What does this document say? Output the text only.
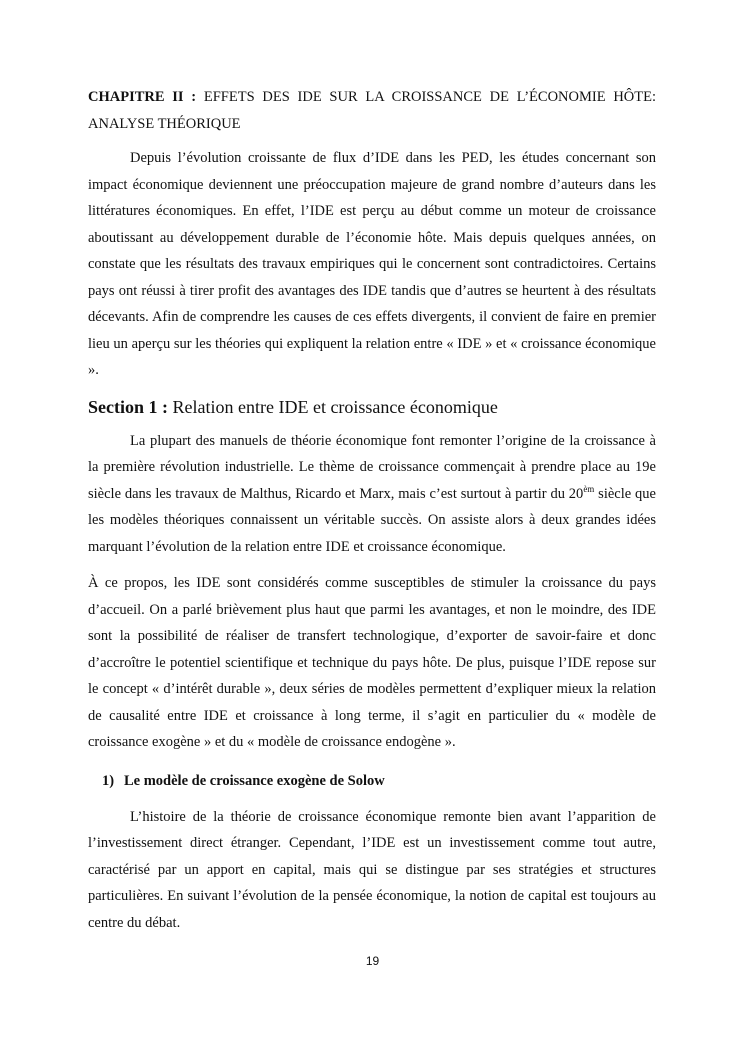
CHAPITRE II : EFFETS DES IDE SUR LA CROISSANCE DE L’ÉCONOMIE HÔTE: ANALYSE THÉORIQUE

Depuis l’évolution croissante de flux d’IDE dans les PED, les études concernant son impact économique deviennent une préoccupation majeure de grand nombre d’auteurs dans les littératures économiques. En effet, l’IDE est perçu au début comme un moteur de croissance aboutissant au développement durable de l’économie hôte. Mais depuis quelques années, on constate que les résultats des travaux empiriques qui le concernent sont contradictoires. Certains pays ont réussi à tirer profit des avantages des IDE tandis que d’autres se heurtent à des résultats décevants. Afin de comprendre les causes de ces effets divergents, il convient de faire en premier lieu un aperçu sur les théories qui expliquent la relation entre « IDE » et « croissance économique ».

Section 1 : Relation entre IDE et croissance économique

La plupart des manuels de théorie économique font remonter l’origine de la croissance à la première révolution industrielle. Le thème de croissance commençait à prendre place au 19e siècle dans les travaux de Malthus, Ricardo et Marx, mais c’est surtout à partir du $20^{èm}$ siècle que les modèles théoriques connaissent un véritable succès. On assiste alors à deux grandes idées marquant l’évolution de la relation entre IDE et croissance économique.

À ce propos, les IDE sont considérés comme susceptibles de stimuler la croissance du pays d’accueil. On a parlé brièvement plus haut que parmi les avantages, et non le moindre, des IDE sont la possibilité de réaliser de transfert technologique, d’exporter de savoir-faire et donc d’accroître le potentiel scientifique et technique du pays hôte. De plus, puisque l’IDE repose sur le concept « d’intérêt durable », deux séries de modèles permettent d’expliquer mieux la relation de causalité entre IDE et croissance à long terme, il s’agit en particulier du « modèle de croissance exogène » et du « modèle de croissance endogène ».

1) Le modèle de croissance exogène de Solow

L’histoire de la théorie de croissance économique remonte bien avant l’apparition de l’investissement direct étranger. Cependant, l’IDE est un investissement comme tout autre, caractérisé par un apport en capital, mais qui se distingue par ses stratégies et structures particulières. En suivant l’évolution de la pensée économique, la notion de capital est toujours au centre du débat.

19
